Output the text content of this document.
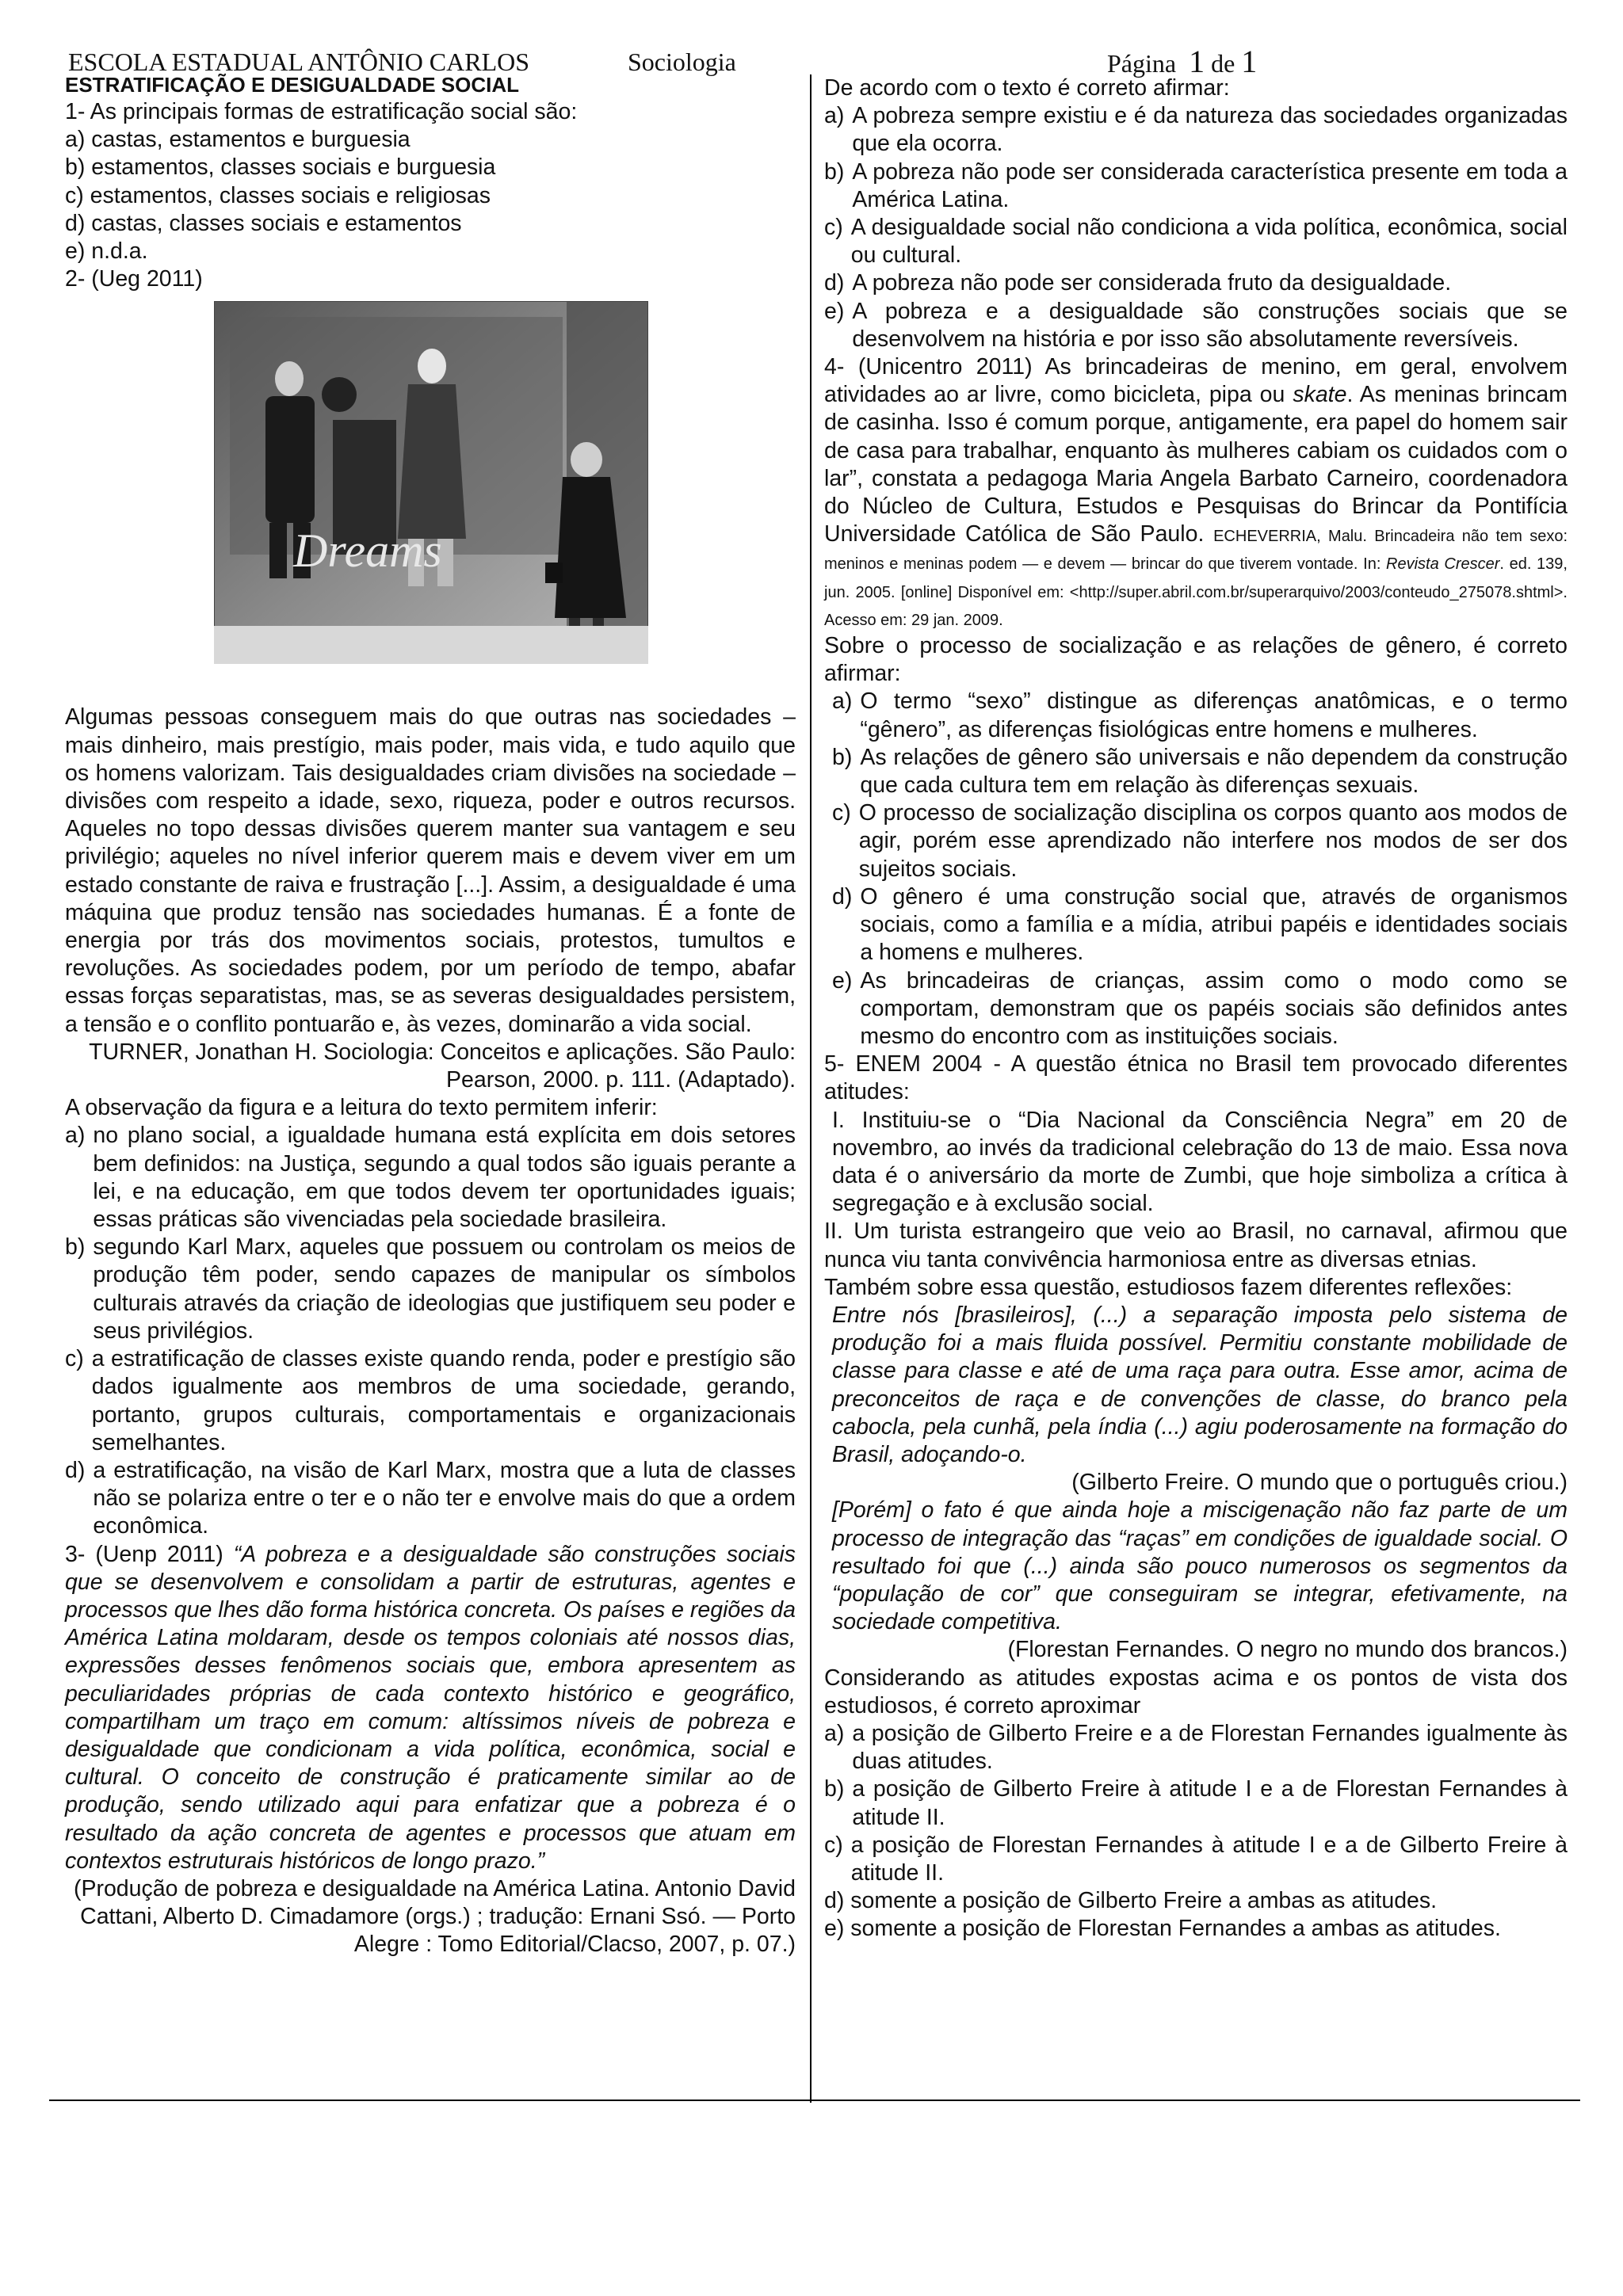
ESCOLA ESTADUAL ANTÔNIO CARLOS	Sociologia	Página 1 de 1

ESTRATIFICAÇÃO E DESIGUALDADE SOCIAL

1- As principais formas de estratificação social são:

a) castas, estamentos e burguesia

b) estamentos, classes sociais e burguesia

c) estamentos, classes sociais e religiosas

d) castas, classes sociais e estamentos

e) n.d.a.

2- (Ueg 2011)

Dreams

Algumas pessoas conseguem mais do que outras nas sociedades – mais dinheiro, mais prestígio, mais poder, mais vida, e tudo aquilo que os homens valorizam. Tais desigualdades criam divisões na sociedade – divisões com respeito a idade, sexo, riqueza, poder e outros recursos. Aqueles no topo dessas divisões querem manter sua vantagem e seu privilégio; aqueles no nível inferior querem mais e devem viver em um estado constante de raiva e frustração [...]. Assim, a desigualdade é uma máquina que produz tensão nas sociedades humanas. É a fonte de energia por trás dos movimentos sociais, protestos, tumultos e revoluções. As sociedades podem, por um período de tempo, abafar essas forças separatistas, mas, se as severas desigualdades persistem, a tensão e o conflito pontuarão e, às vezes, dominarão a vida social.

TURNER, Jonathan H. Sociologia: Conceitos e aplicações. São Paulo: Pearson, 2000. p. 111. (Adaptado).

A observação da figura e a leitura do texto permitem inferir:

a) no plano social, a igualdade humana está explícita em dois setores bem definidos: na Justiça, segundo a qual todos são iguais perante a lei, e na educação, em que todos devem ter oportunidades iguais; essas práticas são vivenciadas pela sociedade brasileira.
b) segundo Karl Marx, aqueles que possuem ou controlam os meios de produção têm poder, sendo capazes de manipular os símbolos culturais através da criação de ideologias que justifiquem seu poder e seus privilégios.
c) a estratificação de classes existe quando renda, poder e prestígio são dados igualmente aos membros de uma sociedade, gerando, portanto, grupos culturais, comportamentais e organizacionais semelhantes.
d) a estratificação, na visão de Karl Marx, mostra que a luta de classes não se polariza entre o ter e o não ter e envolve mais do que a ordem econômica.

3- (Uenp 2011) “A pobreza e a desigualdade são construções sociais que se desenvolvem e consolidam a partir de estruturas, agentes e processos que lhes dão forma histórica concreta. Os países e regiões da América Latina moldaram, desde os tempos coloniais até nossos dias, expressões desses fenômenos sociais que, embora apresentem as peculiaridades próprias de cada contexto histórico e geográfico, compartilham um traço em comum: altíssimos níveis de pobreza e desigualdade que condicionam a vida política, econômica, social e cultural. O conceito de construção é praticamente similar ao de produção, sendo utilizado aqui para enfatizar que a pobreza é o resultado da ação concreta de agentes e processos que atuam em contextos estruturais históricos de longo prazo.”

(Produção de pobreza e desigualdade na América Latina. Antonio David Cattani, Alberto D. Cimadamore (orgs.) ; tradução: Ernani Ssó. — Porto Alegre : Tomo Editorial/Clacso, 2007, p. 07.)

De acordo com o texto é correto afirmar:

a) A pobreza sempre existiu e é da natureza das sociedades organizadas que ela ocorra.
b) A pobreza não pode ser considerada característica presente em toda a América Latina.
c) A desigualdade social não condiciona a vida política, econômica, social ou cultural.
d) A pobreza não pode ser considerada fruto da desigualdade.
e) A pobreza e a desigualdade são construções sociais que se desenvolvem na história e por isso são absolutamente reversíveis.

4- (Unicentro 2011) As brincadeiras de menino, em geral, envolvem atividades ao ar livre, como bicicleta, pipa ou skate. As meninas brincam de casinha. Isso é comum porque, antigamente, era papel do homem sair de casa para trabalhar, enquanto às mulheres cabiam os cuidados com o lar”, constata a pedagoga Maria Angela Barbato Carneiro, coordenadora do Núcleo de Cultura, Estudos e Pesquisas do Brincar da Pontifícia Universidade Católica de São Paulo. ECHEVERRIA, Malu. Brincadeira não tem sexo: meninos e meninas podem — e devem — brincar do que tiverem vontade. In: Revista Crescer. ed. 139, jun. 2005. [online] Disponível em: <http://super.abril.com.br/superarquivo/2003/conteudo_275078.shtml>. Acesso em: 29 jan. 2009.

Sobre o processo de socialização e as relações de gênero, é correto afirmar:

a) O termo “sexo” distingue as diferenças anatômicas, e o termo “gênero”, as diferenças fisiológicas entre homens e mulheres.
b) As relações de gênero são universais e não dependem da construção que cada cultura tem em relação às diferenças sexuais.
c) O processo de socialização disciplina os corpos quanto aos modos de agir, porém esse aprendizado não interfere nos modos de ser dos sujeitos sociais.
d) O gênero é uma construção social que, através de organismos sociais, como a família e a mídia, atribui papéis e identidades sociais a homens e mulheres.
e) As brincadeiras de crianças, assim como o modo como se comportam, demonstram que os papéis sociais são definidos antes mesmo do encontro com as instituições sociais.

5- ENEM 2004 - A questão étnica no Brasil tem provocado diferentes atitudes:

I. Instituiu-se o “Dia Nacional da Consciência Negra” em 20 de novembro, ao invés da tradicional celebração do 13 de maio. Essa nova data é o aniversário da morte de Zumbi, que hoje simboliza a crítica à segregação e à exclusão social.

II. Um turista estrangeiro que veio ao Brasil, no carnaval, afirmou que nunca viu tanta convivência harmoniosa entre as diversas etnias.

Também sobre essa questão, estudiosos fazem diferentes reflexões:

Entre nós [brasileiros], (...) a separação imposta pelo sistema de produção foi a mais fluida possível. Permitiu constante mobilidade de classe para classe e até de uma raça para outra. Esse amor, acima de preconceitos de raça e de convenções de classe, do branco pela cabocla, pela cunhã, pela índia (...) agiu poderosamente na formação do Brasil, adoçando-o.

(Gilberto Freire. O mundo que o português criou.)

[Porém] o fato é que ainda hoje a miscigenação não faz parte de um processo de integração das “raças” em condições de igualdade social. O resultado foi que (...) ainda são pouco numerosos os segmentos da “população de cor” que conseguiram se integrar, efetivamente, na sociedade competitiva.

(Florestan Fernandes. O negro no mundo dos brancos.)

Considerando as atitudes expostas acima e os pontos de vista dos estudiosos, é correto aproximar

a) a posição de Gilberto Freire e a de Florestan Fernandes igualmente às duas atitudes.
b) a posição de Gilberto Freire à atitude I e a de Florestan Fernandes à atitude II.
c) a posição de Florestan Fernandes à atitude I e a de Gilberto Freire à atitude II.

d) somente a posição de Gilberto Freire a ambas as atitudes.

e) somente a posição de Florestan Fernandes a ambas as atitudes.
